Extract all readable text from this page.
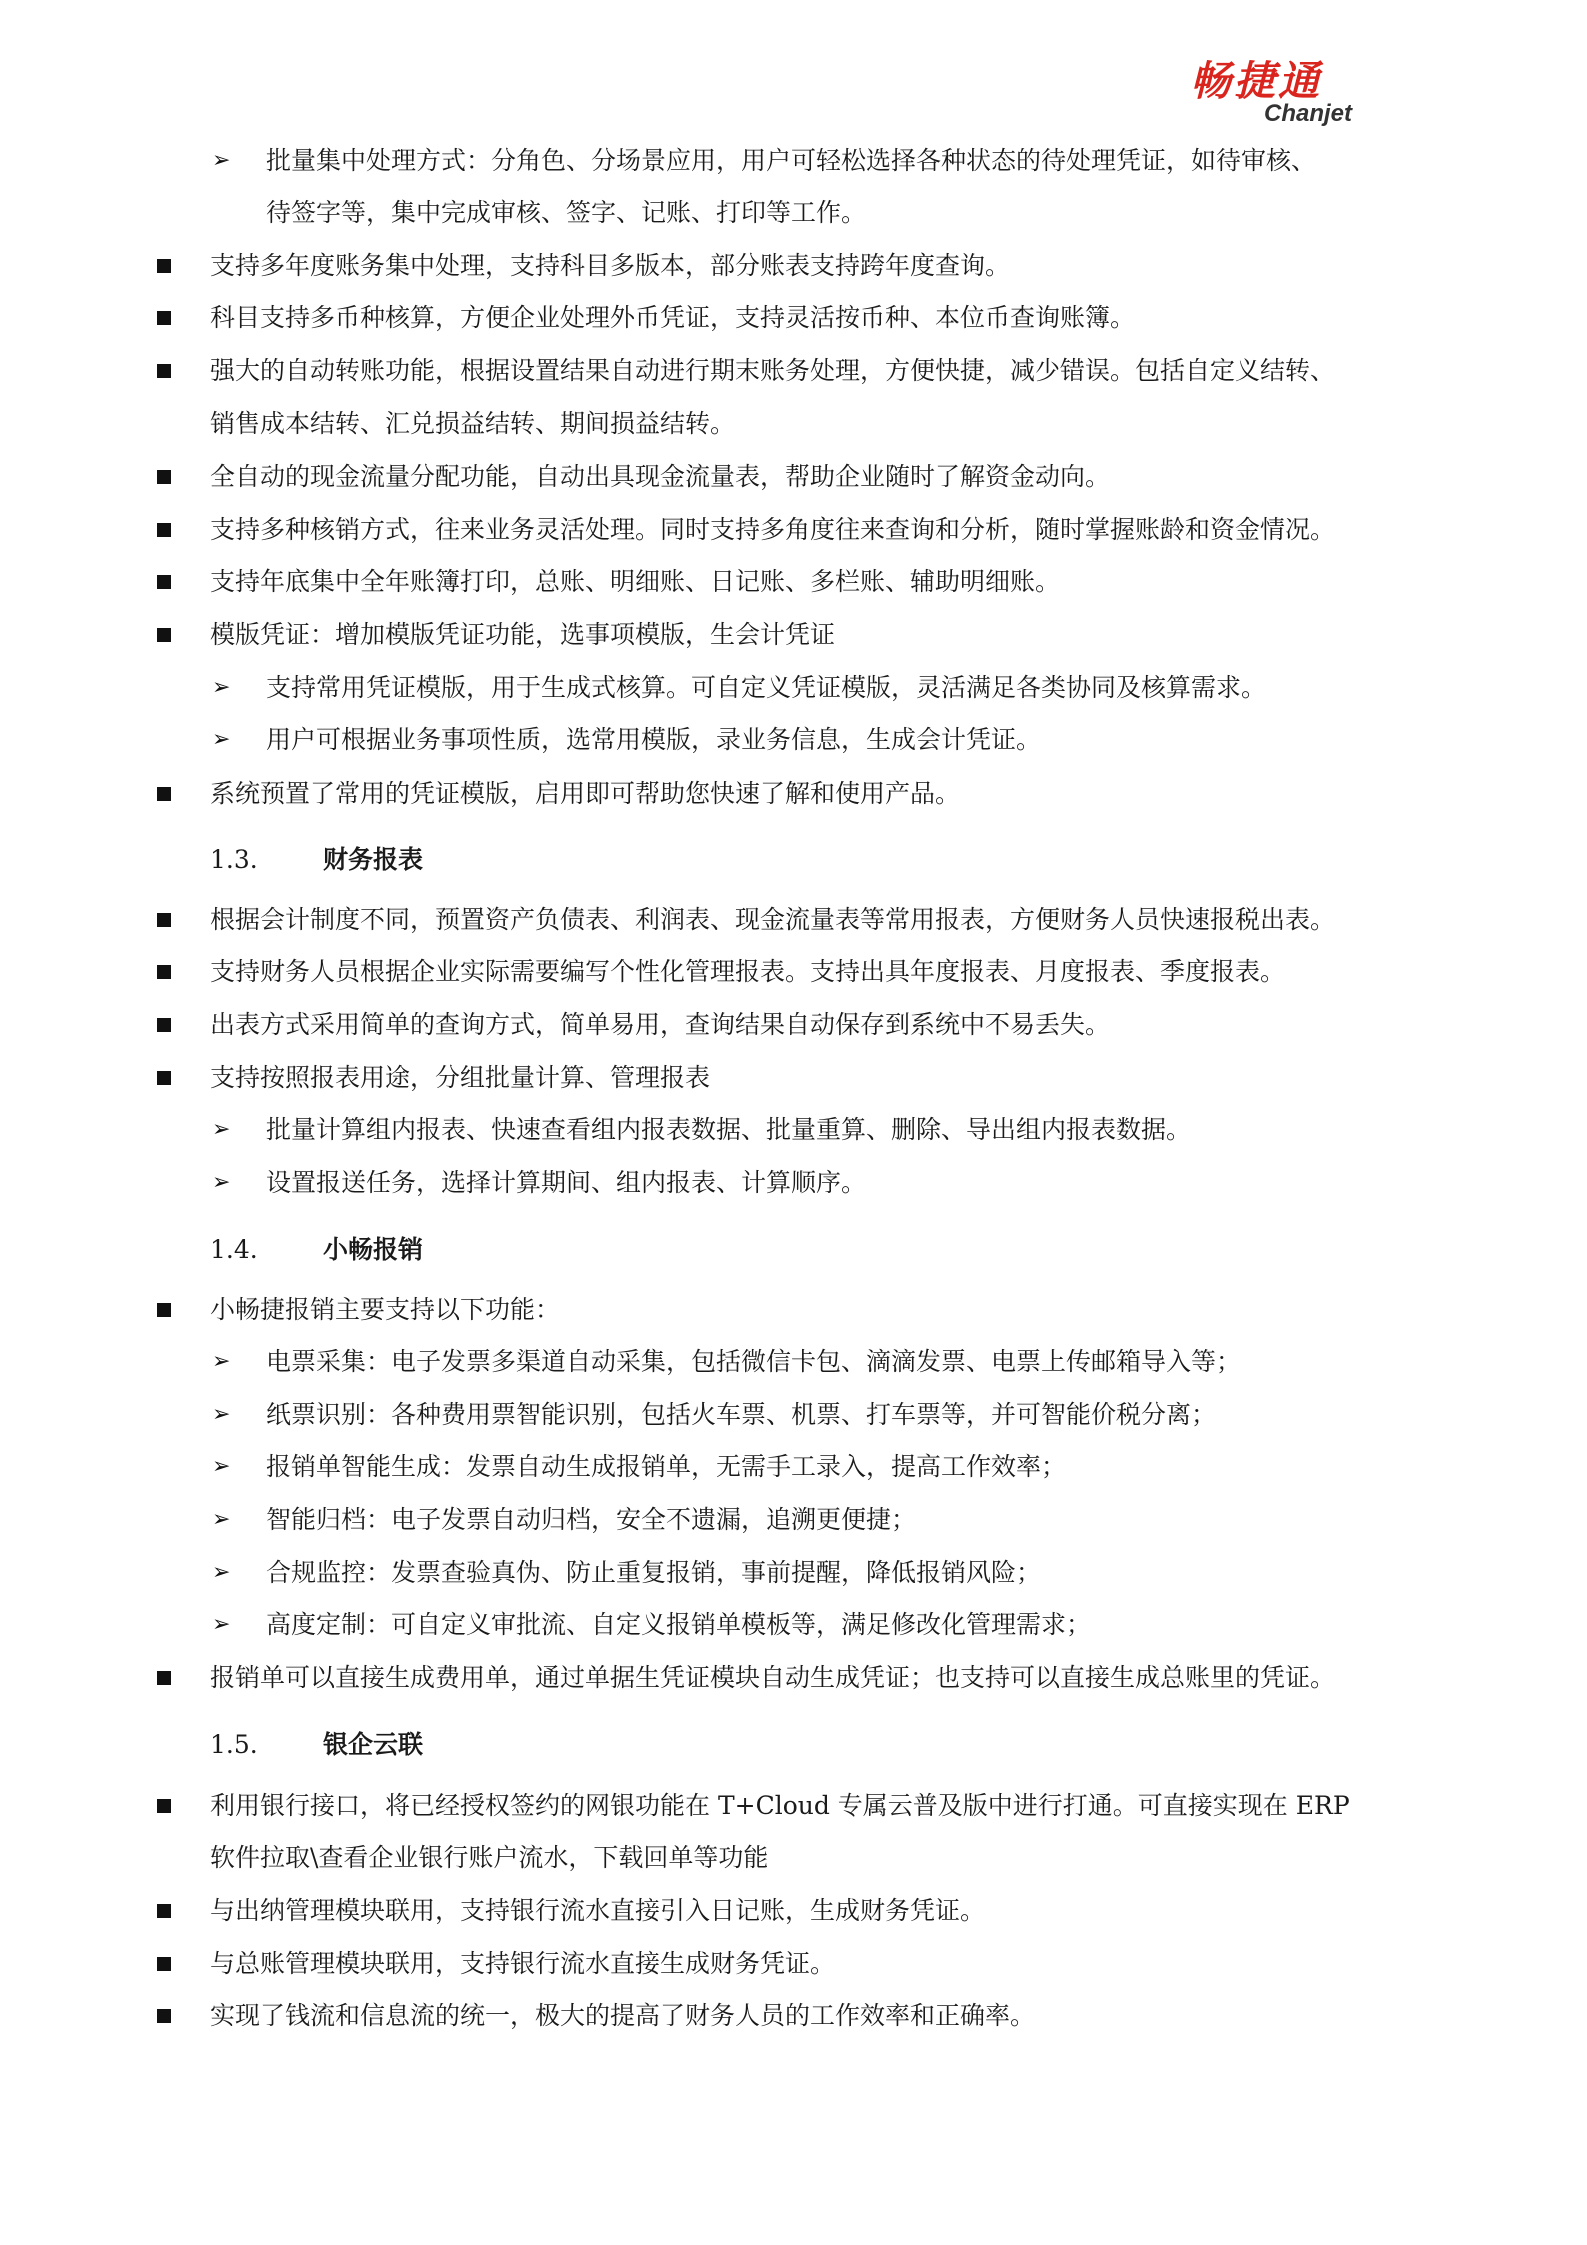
畅捷通
Chanjet
➢ 批量集中处理方式：分角色、分场景应用，用户可轻松选择各种状态的待处理凭证，如待审核、
待签字等，集中完成审核、签字、记账、打印等工作。
支持多年度账务集中处理，支持科目多版本，部分账表支持跨年度查询。
科目支持多币种核算，方便企业处理外币凭证，支持灵活按币种、本位币查询账簿。
强大的自动转账功能，根据设置结果自动进行期末账务处理，方便快捷，减少错误。包括自定义结转、
销售成本结转、汇兑损益结转、期间损益结转。
全自动的现金流量分配功能，自动出具现金流量表，帮助企业随时了解资金动向。
支持多种核销方式，往来业务灵活处理。同时支持多角度往来查询和分析，随时掌握账龄和资金情况。
支持年底集中全年账簿打印，总账、明细账、日记账、多栏账、辅助明细账。
模版凭证：增加模版凭证功能，选事项模版，生会计凭证
➢ 支持常用凭证模版，用于生成式核算。可自定义凭证模版，灵活满足各类协同及核算需求。
➢ 用户可根据业务事项性质，选常用模版，录业务信息，生成会计凭证。
系统预置了常用的凭证模版，启用即可帮助您快速了解和使用产品。
1.3.	财务报表
根据会计制度不同，预置资产负债表、利润表、现金流量表等常用报表，方便财务人员快速报税出表。
支持财务人员根据企业实际需要编写个性化管理报表。支持出具年度报表、月度报表、季度报表。
出表方式采用简单的查询方式，简单易用，查询结果自动保存到系统中不易丢失。
支持按照报表用途，分组批量计算、管理报表
➢ 批量计算组内报表、快速查看组内报表数据、批量重算、删除、导出组内报表数据。
➢ 设置报送任务，选择计算期间、组内报表、计算顺序。
1.4.	小畅报销
小畅捷报销主要支持以下功能：
➢ 电票采集：电子发票多渠道自动采集，包括微信卡包、滴滴发票、电票上传邮箱导入等；
➢ 纸票识别：各种费用票智能识别，包括火车票、机票、打车票等，并可智能价税分离；
➢ 报销单智能生成：发票自动生成报销单，无需手工录入，提高工作效率；
➢ 智能归档：电子发票自动归档，安全不遗漏，追溯更便捷；
➢ 合规监控：发票查验真伪、防止重复报销，事前提醒，降低报销风险；
➢ 高度定制：可自定义审批流、自定义报销单模板等，满足修改化管理需求；
报销单可以直接生成费用单，通过单据生凭证模块自动生成凭证；也支持可以直接生成总账里的凭证。
1.5.	银企云联
利用银行接口，将已经授权签约的网银功能在 T+Cloud 专属云普及版中进行打通。可直接实现在 ERP
软件拉取\查看企业银行账户流水，下载回单等功能
与出纳管理模块联用，支持银行流水直接引入日记账，生成财务凭证。
与总账管理模块联用，支持银行流水直接生成财务凭证。
实现了钱流和信息流的统一，极大的提高了财务人员的工作效率和正确率。
